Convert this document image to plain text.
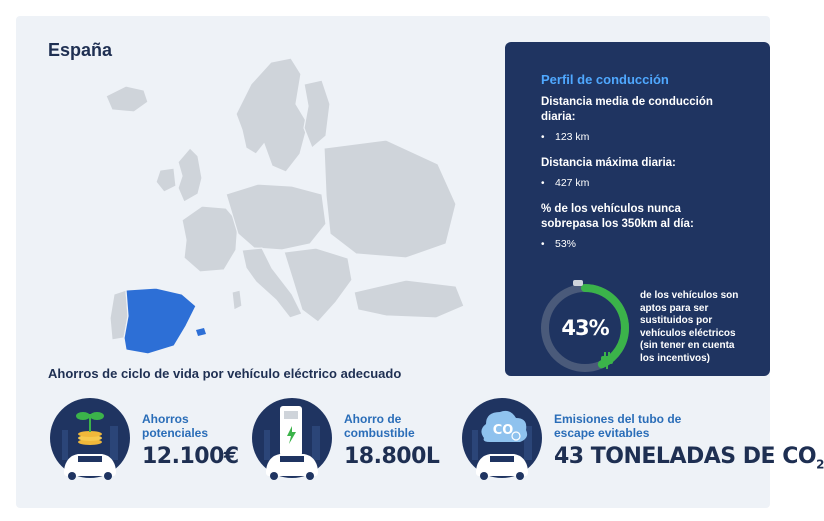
España
Perfil de conducción
Distancia media de conducción diaria:
• 123 km
Distancia máxima diaria:
• 427 km
% de los vehículos nunca sobrepasa los 350km al día:
• 53%
43%
de los vehículos son aptos para ser sustituidos por vehículos eléctricos (sin tener en cuenta los incentivos)
Ahorros de ciclo de vida por vehículo eléctrico adecuado
Ahorros potenciales
12.100€
Ahorro de combustible
18.800L
CO
Emisiones del tubo de escape evitables
43 TONELADAS DE $CO_2$
